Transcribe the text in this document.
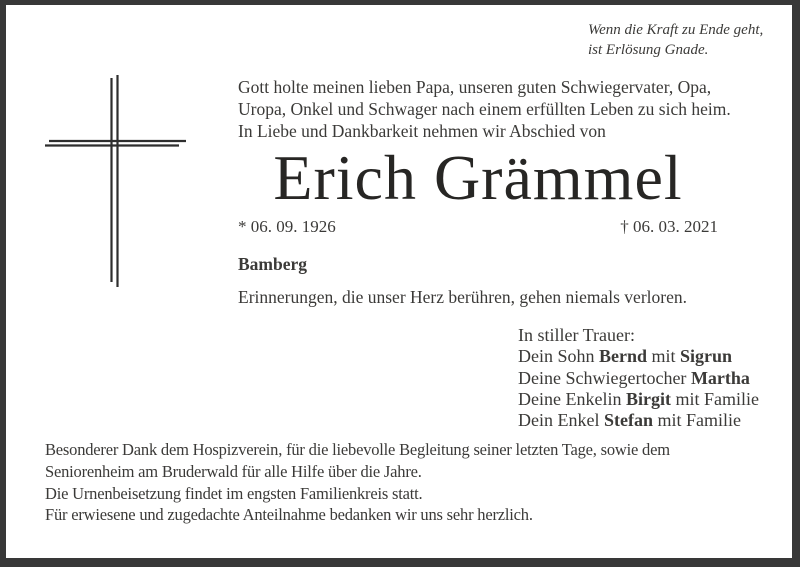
Wenn die Kraft zu Ende geht,
ist Erlösung Gnade.
Gott holte meinen lieben Papa, unseren guten Schwiegervater, Opa,
Uropa, Onkel und Schwager nach einem erfüllten Leben zu sich heim.
In Liebe und Dankbarkeit nehmen wir Abschied von
Erich Grämmel
* 06. 09. 1926	† 06. 03. 2021
Bamberg
Erinnerungen, die unser Herz berühren, gehen niemals verloren.
In stiller Trauer:
Dein Sohn Bernd mit Sigrun
Deine Schwiegertocher Martha
Deine Enkelin Birgit mit Familie
Dein Enkel Stefan mit Familie
Besonderer Dank dem Hospizverein, für die liebevolle Begleitung seiner letzten Tage, sowie dem
Seniorenheim am Bruderwald für alle Hilfe über die Jahre.
Die Urnenbeisetzung findet im engsten Familienkreis statt.
Für erwiesene und zugedachte Anteilnahme bedanken wir uns sehr herzlich.
